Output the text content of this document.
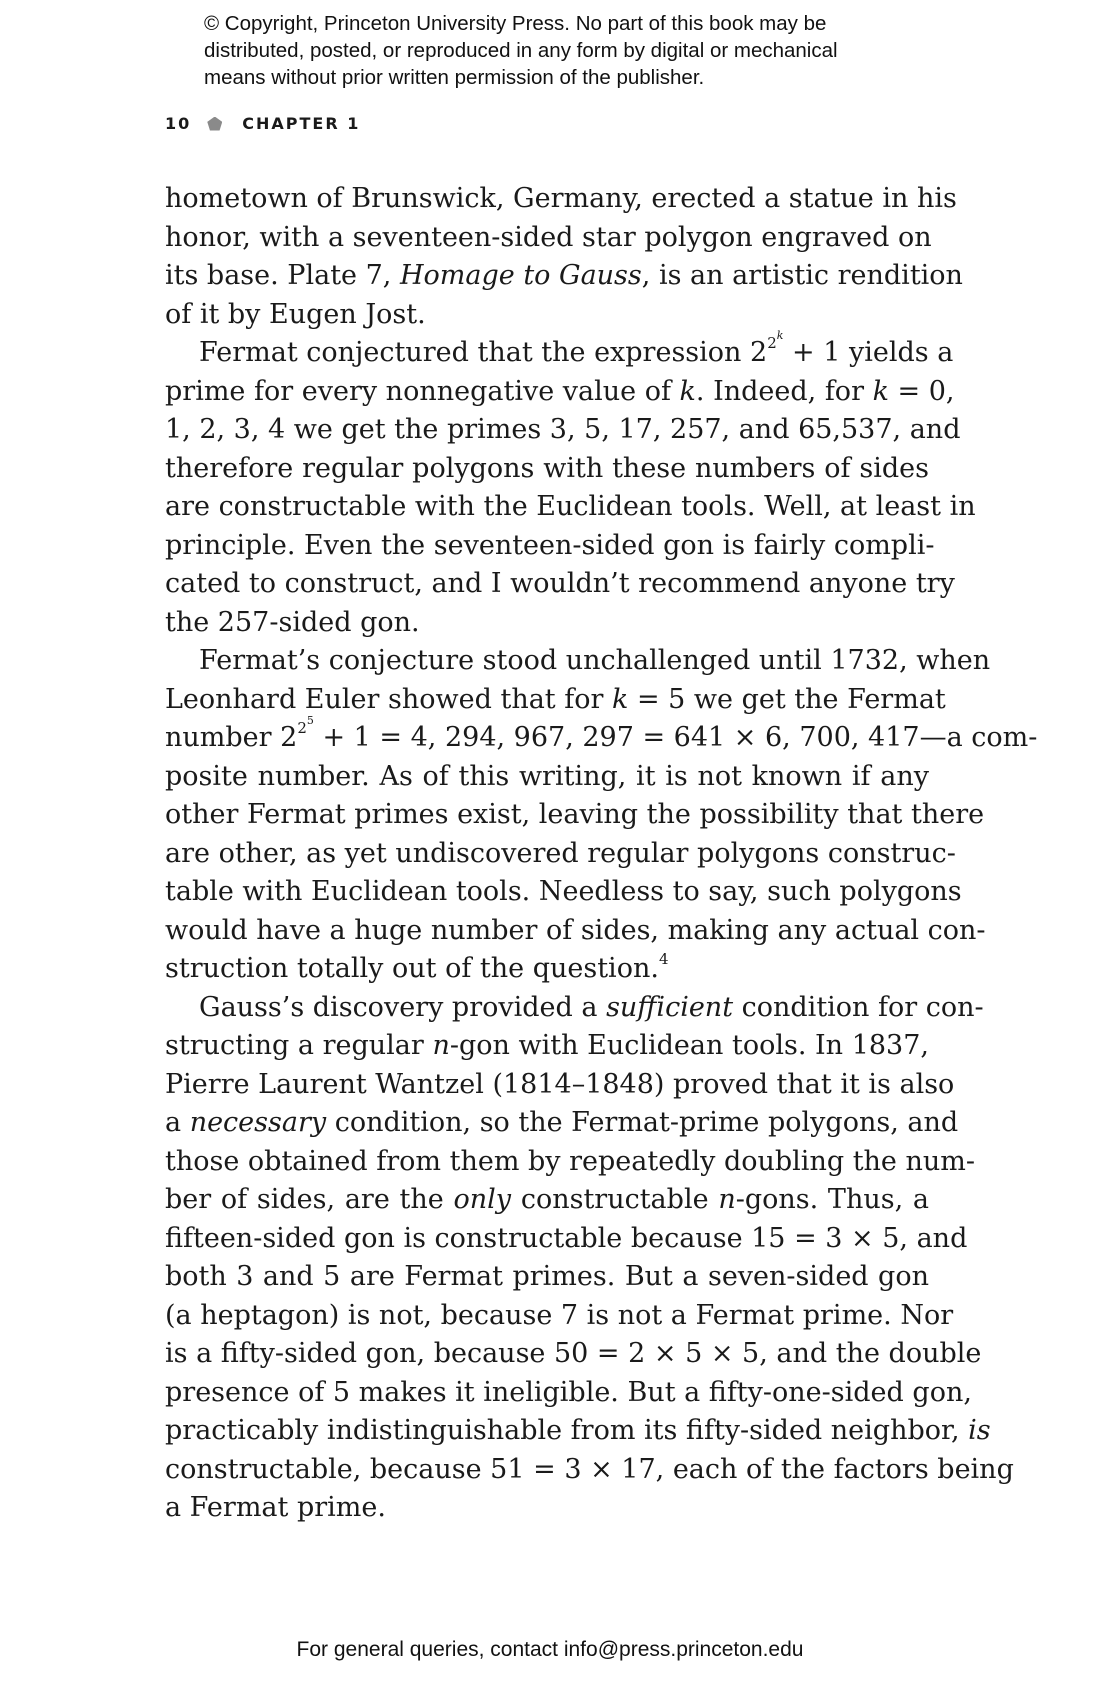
© Copyright, Princeton University Press. No part of this book may be
distributed, posted, or reproduced in any form by digital or mechanical
means without prior written permission of the publisher.
10	CHAPTER 1
hometown of Brunswick, Germany, erected a statue in his
honor, with a seventeen-sided star polygon engraved on
its base. Plate 7, Homage to Gauss, is an artistic rendition
of it by Eugen Jost.
Fermat conjectured that the expression $2^{2^k} + 1$ yields a
prime for every nonnegative value of k. Indeed, for k = 0,
1, 2, 3, 4 we get the primes 3, 5, 17, 257, and 65,537, and
therefore regular polygons with these numbers of sides
are constructable with the Euclidean tools. Well, at least in
principle. Even the seventeen-sided gon is fairly compli-
cated to construct, and I wouldn’t recommend anyone try
the 257-sided gon.
Fermat’s conjecture stood unchallenged until 1732, when
Leonhard Euler showed that for k = 5 we get the Fermat
number $2^{2^5} + 1 = 4$, 294, 967, 297 = 641 × 6, 700, 417—a com-
posite number. As of this writing, it is not known if any
other Fermat primes exist, leaving the possibility that there
are other, as yet undiscovered regular polygons construc-
table with Euclidean tools. Needless to say, such polygons
would have a huge number of sides, making any actual con-
struction totally out of the question.$^4$
Gauss’s discovery provided a sufficient condition for con-
structing a regular n-gon with Euclidean tools. In 1837,
Pierre Laurent Wantzel (1814–1848) proved that it is also
a necessary condition, so the Fermat-prime polygons, and
those obtained from them by repeatedly doubling the num-
ber of sides, are the only constructable n-gons. Thus, a
fifteen-sided gon is constructable because 15 = 3 × 5, and
both 3 and 5 are Fermat primes. But a seven-sided gon
(a heptagon) is not, because 7 is not a Fermat prime. Nor
is a fifty-sided gon, because 50 = 2 × 5 × 5, and the double
presence of 5 makes it ineligible. But a fifty-one-sided gon,
practicably indistinguishable from its fifty-sided neighbor, is
constructable, because 51 = 3 × 17, each of the factors being
a Fermat prime.
For general queries, contact info@press.princeton.edu
